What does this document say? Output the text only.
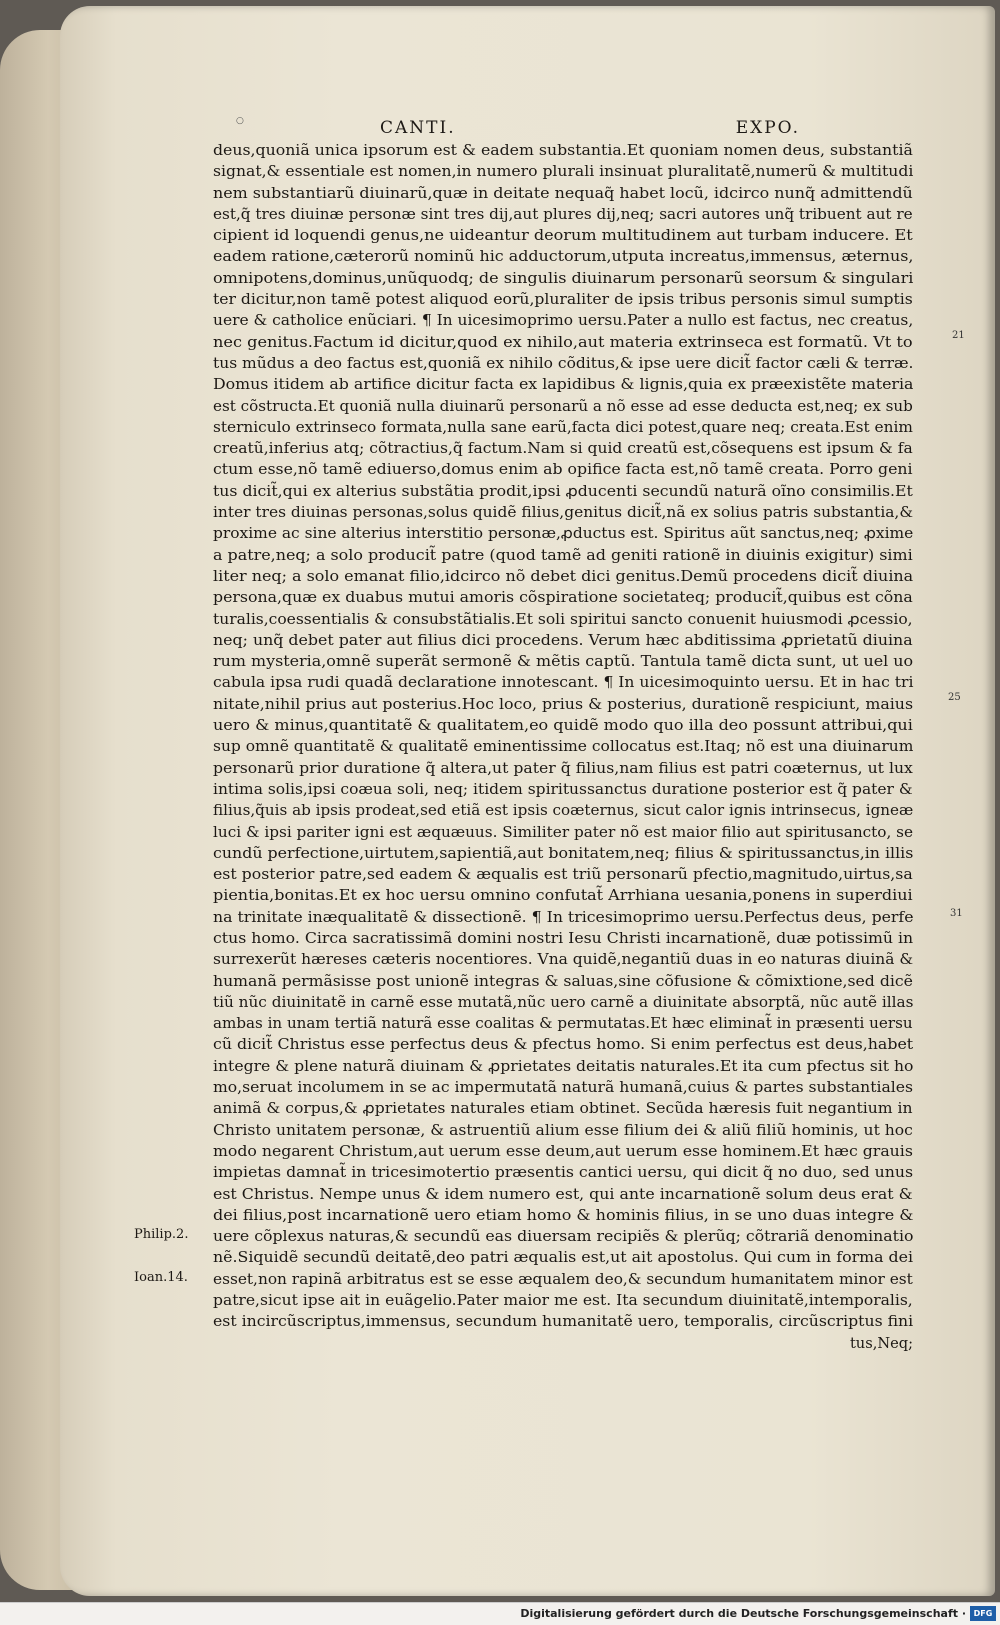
○	CANTI.	EXPO.
deus,quoniã unica ipsorum est & eadem substantia.Et quoniam nomen deus, substantiã
signat,& essentiale est nomen,in numero plurali insinuat pluralitatẽ,numerũ & multitudi
nem substantiarũ diuinarũ,quæ in deitate nequaq̃ habet locũ, idcirco nunq̃ admittendũ
est,q̃ tres diuinæ personæ sint tres dij,aut plures dij,neq; sacri autores unq̃ tribuent aut re
cipient id loquendi genus,ne uideantur deorum multitudinem aut turbam inducere. Et
eadem ratione,cæterorũ nominũ hic adductorum,utputa increatus,immensus, æternus,
omnipotens,dominus,unũquodq; de singulis diuinarum personarũ seorsum & singulari
ter dicitur,non tamẽ potest aliquod eorũ,pluraliter de ipsis tribus personis simul sumptis
uere & catholice enũciari. ¶ In uicesimoprimo uersu.Pater a nullo est factus, nec creatus,
nec genitus.Factum id dicitur,quod ex nihilo,aut materia extrinseca est formatũ. Vt to
tus mũdus a deo factus est,quoniã ex nihilo cõditus,& ipse uere dicit̃ factor cæli & terræ.
Domus itidem ab artifice dicitur facta ex lapidibus & lignis,quia ex præexistẽte materia
est cõstructa.Et quoniã nulla diuinarũ personarũ a nõ esse ad esse deducta est,neq; ex sub
sterniculo extrinseco formata,nulla sane earũ,facta dici potest,quare neq; creata.Est enim
creatũ,inferius atq; cõtractius,q̃ factum.Nam si quid creatũ est,cõsequens est ipsum & fa
ctum esse,nõ tamẽ ediuerso,domus enim ab opifice facta est,nõ tamẽ creata. Porro geni
tus dicit̃,qui ex alterius substãtia prodit,ipsi ꝓducenti secundũ naturã oĩno consimilis.Et
inter tres diuinas personas,solus quidẽ filius,genitus dicit̃,nã ex solius patris substantia,&
proxime ac sine alterius interstitio personæ,ꝓductus est. Spiritus aũt sanctus,neq; ꝓxime
a patre,neq; a solo producit̃ patre (quod tamẽ ad geniti rationẽ in diuinis exigitur) simi
liter neq; a solo emanat filio,idcirco nõ debet dici genitus.Demũ procedens dicit̃ diuina
persona,quæ ex duabus mutui amoris cõspiratione societateq; producit̃,quibus est cõna
turalis,coessentialis & consubstãtialis.Et soli spiritui sancto conuenit huiusmodi ꝓcessio,
neq; unq̃ debet pater aut filius dici procedens. Verum hæc abditissima ꝓprietatũ diuina
rum mysteria,omnẽ superãt sermonẽ & mẽtis captũ. Tantula tamẽ dicta sunt, ut uel uo
cabula ipsa rudi quadã declaratione innotescant. ¶ In uicesimoquinto uersu. Et in hac tri
nitate,nihil prius aut posterius.Hoc loco, prius & posterius, durationẽ respiciunt, maius
uero & minus,quantitatẽ & qualitatem,eo quidẽ modo quo illa deo possunt attribui,qui
sup omnẽ quantitatẽ & qualitatẽ eminentissime collocatus est.Itaq; nõ est una diuinarum
personarũ prior duratione q̃ altera,ut pater q̃ filius,nam filius est patri coæternus, ut lux
intima solis,ipsi coæua soli, neq; itidem spiritussanctus duratione posterior est q̃ pater &
filius,q̃uis ab ipsis prodeat,sed etiã est ipsis coæternus, sicut calor ignis intrinsecus, igneæ
luci & ipsi pariter igni est æquæuus. Similiter pater nõ est maior filio aut spiritusancto, se
cundũ perfectione,uirtutem,sapientiã,aut bonitatem,neq; filius & spiritussanctus,in illis
est posterior patre,sed eadem & æqualis est triũ personarũ pfectio,magnitudo,uirtus,sa
pientia,bonitas.Et ex hoc uersu omnino confutat̃ Arrhiana uesania,ponens in superdiui
na trinitate inæqualitatẽ & dissectionẽ. ¶ In tricesimoprimo uersu.Perfectus deus, perfe
ctus homo. Circa sacratissimã domini nostri Iesu Christi incarnationẽ, duæ potissimũ in
surrexerũt hæreses cæteris nocentiores. Vna quidẽ,negantiũ duas in eo naturas diuinã &
humanã permãsisse post unionẽ integras & saluas,sine cõfusione & cõmixtione,sed dicẽ
tiũ nũc diuinitatẽ in carnẽ esse mutatã,nũc uero carnẽ a diuinitate absorptã, nũc autẽ illas
ambas in unam tertiã naturã esse coalitas & permutatas.Et hæc eliminat̃ in præsenti uersu
cũ dicit̃ Christus esse perfectus deus & pfectus homo. Si enim perfectus est deus,habet
integre & plene naturã diuinam & ꝓprietates deitatis naturales.Et ita cum pfectus sit ho
mo,seruat incolumem in se ac impermutatã naturã humanã,cuius & partes substantiales
animã & corpus,& ꝓprietates naturales etiam obtinet. Secũda hæresis fuit negantium in
Christo unitatem personæ, & astruentiũ alium esse filium dei & aliũ filiũ hominis, ut hoc
modo negarent Christum,aut uerum esse deum,aut uerum esse hominem.Et hæc grauis
impietas damnat̃ in tricesimotertio præsentis cantici uersu, qui dicit q̃ no duo, sed unus
est Christus. Nempe unus & idem numero est, qui ante incarnationẽ solum deus erat &
dei filius,post incarnationẽ uero etiam homo & hominis filius, in se uno duas integre &
uere cõplexus naturas,& secundũ eas diuersam recipiẽs & plerũq; cõtrariã denominatio
nẽ.Siquidẽ secundũ deitatẽ,deo patri æqualis est,ut ait apostolus. Qui cum in forma dei
esset,non rapinã arbitratus est se esse æqualem deo,& secundum humanitatem minor est
patre,sicut ipse ait in euãgelio.Pater maior me est. Ita secundum diuinitatẽ,intemporalis,
est incircũscriptus,immensus, secundum humanitatẽ uero, temporalis, circũscriptus fini
tus,Neq;
Philip.2.
Ioan.14.
21
25
31
Digitalisierung gefördert durch die Deutsche Forschungsgemeinschaft · DFG
